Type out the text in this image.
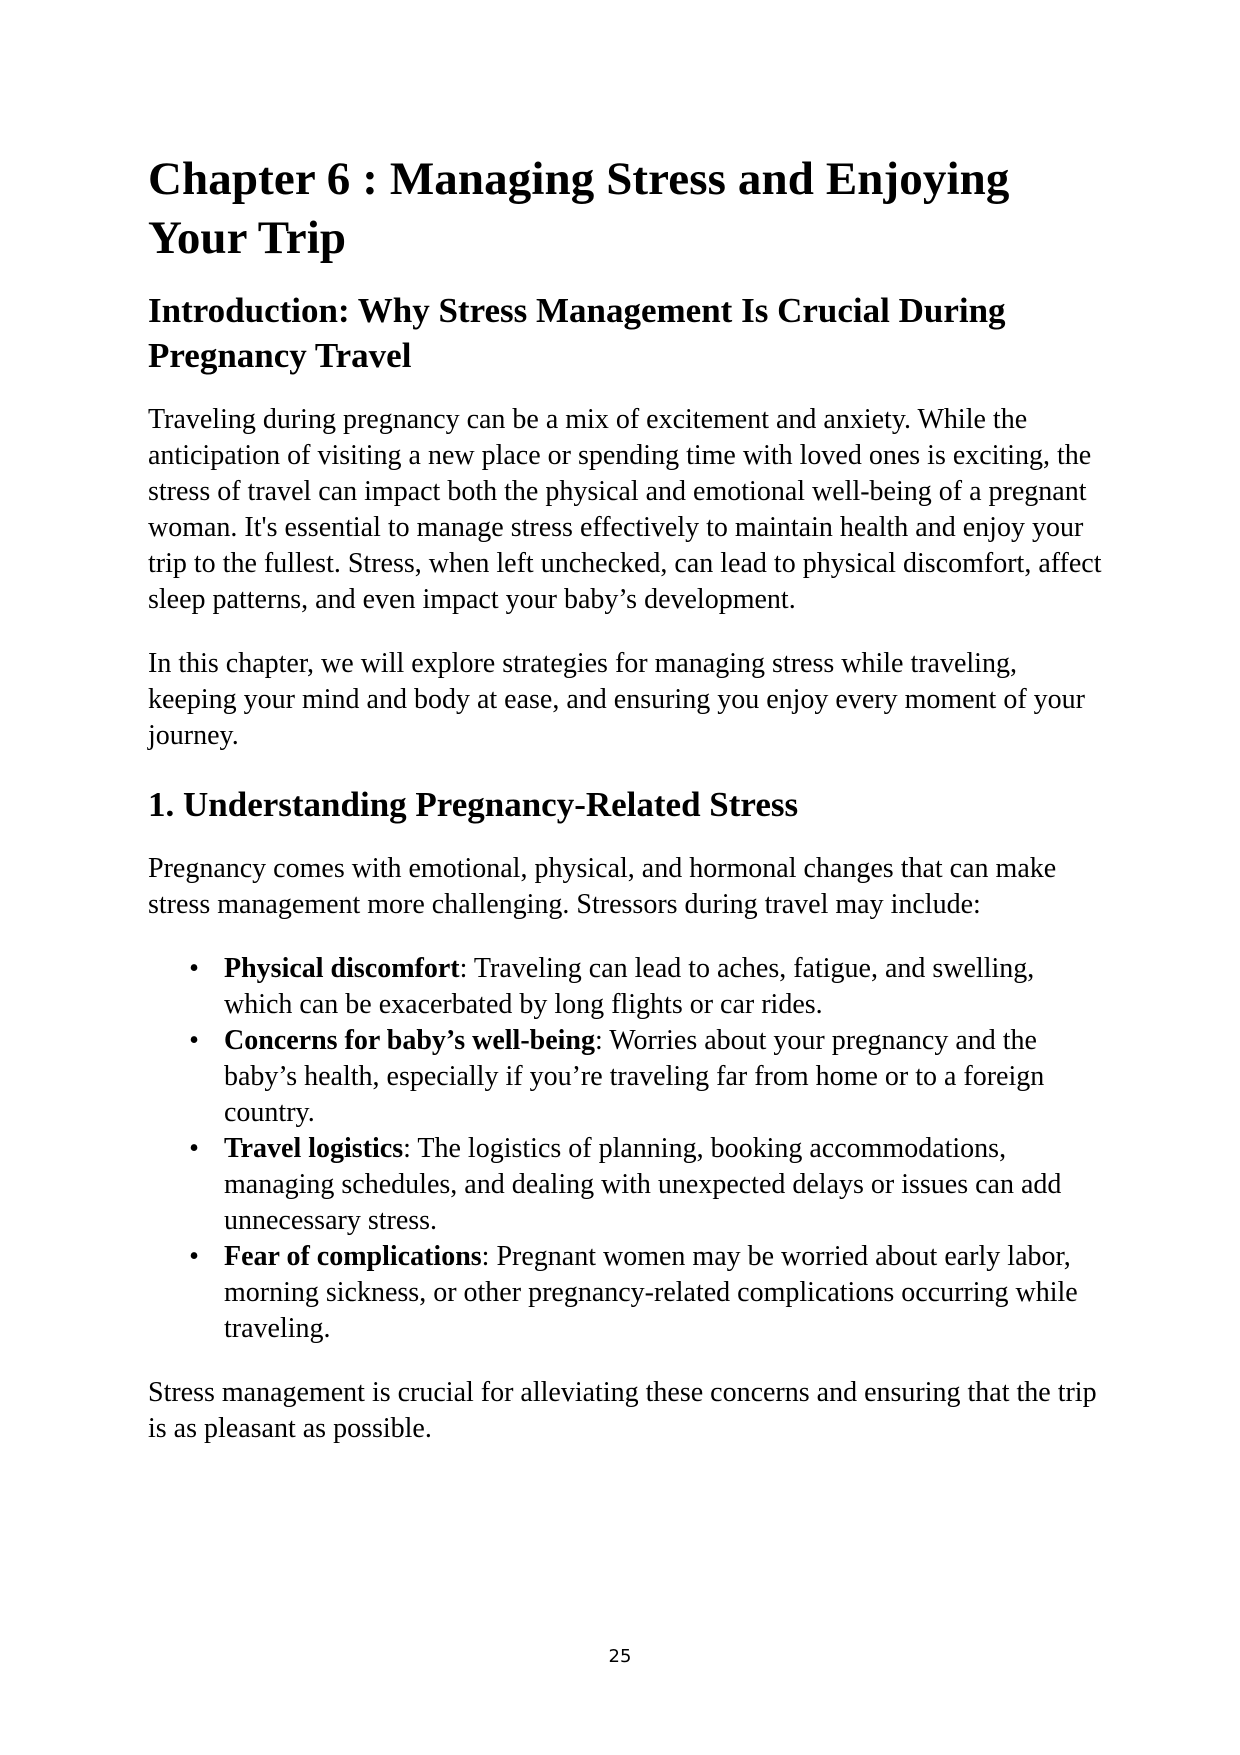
Chapter 6 : Managing Stress and Enjoying Your Trip
Introduction: Why Stress Management Is Crucial During Pregnancy Travel

Traveling during pregnancy can be a mix of excitement and anxiety. While the anticipation of visiting a new place or spending time with loved ones is exciting, the stress of travel can impact both the physical and emotional well-being of a pregnant woman. It's essential to manage stress effectively to maintain health and enjoy your trip to the fullest. Stress, when left unchecked, can lead to physical discomfort, affect sleep patterns, and even impact your baby’s development.

In this chapter, we will explore strategies for managing stress while traveling, keeping your mind and body at ease, and ensuring you enjoy every moment of your journey.

1. Understanding Pregnancy-Related Stress

Pregnancy comes with emotional, physical, and hormonal changes that can make stress management more challenging. Stressors during travel may include:

• Physical discomfort: Traveling can lead to aches, fatigue, and swelling, which can be exacerbated by long flights or car rides.
• Concerns for baby’s well-being: Worries about your pregnancy and the baby’s health, especially if you’re traveling far from home or to a foreign country.
• Travel logistics: The logistics of planning, booking accommodations, managing schedules, and dealing with unexpected delays or issues can add unnecessary stress.
• Fear of complications: Pregnant women may be worried about early labor, morning sickness, or other pregnancy-related complications occurring while traveling.

Stress management is crucial for alleviating these concerns and ensuring that the trip is as pleasant as possible.

25
